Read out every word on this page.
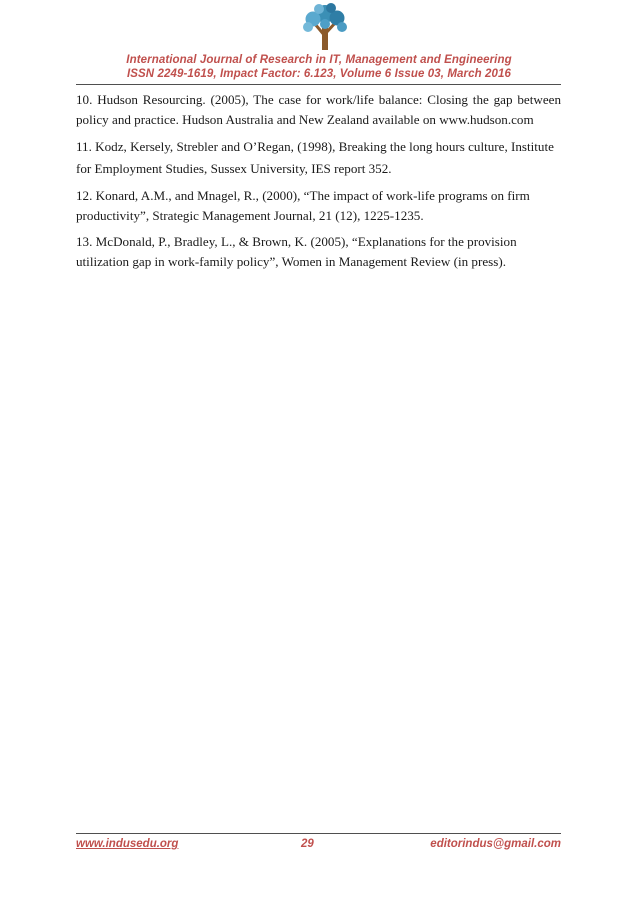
International Journal of Research in IT, Management and Engineering
ISSN 2249-1619, Impact Factor: 6.123, Volume 6 Issue 03, March 2016

10. Hudson Resourcing. (2005), The case for work/life balance: Closing the gap between policy and practice. Hudson Australia and New Zealand available on www.hudson.com

11. Kodz, Kersely, Strebler and O’Regan, (1998), Breaking the long hours culture, Institute for Employment Studies, Sussex University, IES report 352.

12. Konard, A.M., and Mnagel, R., (2000), “The impact of work-life programs on firm productivity”, Strategic Management Journal, 21 (12), 1225-1235.

13. McDonald, P., Bradley, L., & Brown, K. (2005), “Explanations for the provision utilization gap in work-family policy”, Women in Management Review (in press).

www.indusedu.org	29	editorindus@gmail.com
